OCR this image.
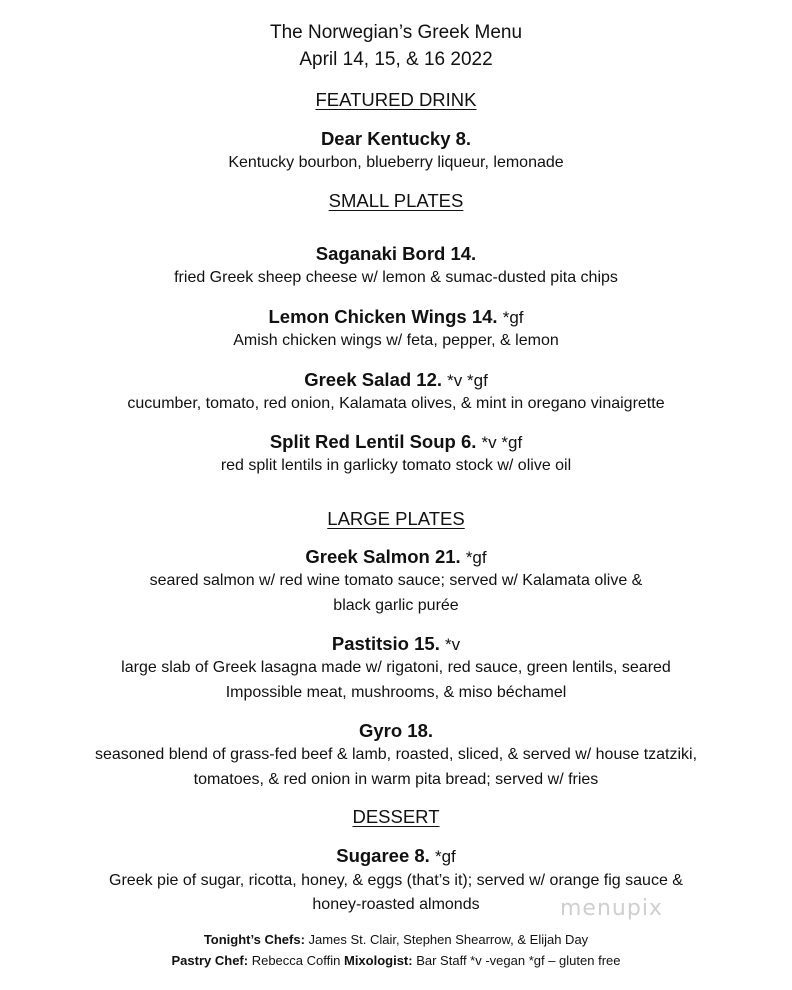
The Norwegian’s Greek Menu
April 14, 15, & 16 2022
FEATURED DRINK
Dear Kentucky 8.
Kentucky bourbon, blueberry liqueur, lemonade
SMALL PLATES
Saganaki Bord 14.
fried Greek sheep cheese w/ lemon & sumac-dusted pita chips
Lemon Chicken Wings 14. *gf
Amish chicken wings w/ feta, pepper, & lemon
Greek Salad 12. *v *gf
cucumber, tomato, red onion, Kalamata olives, & mint in oregano vinaigrette
Split Red Lentil Soup 6. *v *gf
red split lentils in garlicky tomato stock w/ olive oil
LARGE PLATES
Greek Salmon 21. *gf
seared salmon w/ red wine tomato sauce; served w/ Kalamata olive &
black garlic purée
Pastitsio 15. *v
large slab of Greek lasagna made w/ rigatoni, red sauce, green lentils, seared
Impossible meat, mushrooms, & miso béchamel
Gyro 18.
seasoned blend of grass-fed beef & lamb, roasted, sliced, & served w/ house tzatziki,
tomatoes, & red onion in warm pita bread; served w/ fries
DESSERT
Sugaree 8. *gf
Greek pie of sugar, ricotta, honey, & eggs (that’s it); served w/ orange fig sauce &
honey-roasted almonds
Tonight’s Chefs: James St. Clair, Stephen Shearrow, & Elijah Day
Pastry Chef: Rebecca Coffin Mixologist: Bar Staff *v -vegan *gf – gluten free
menupix
